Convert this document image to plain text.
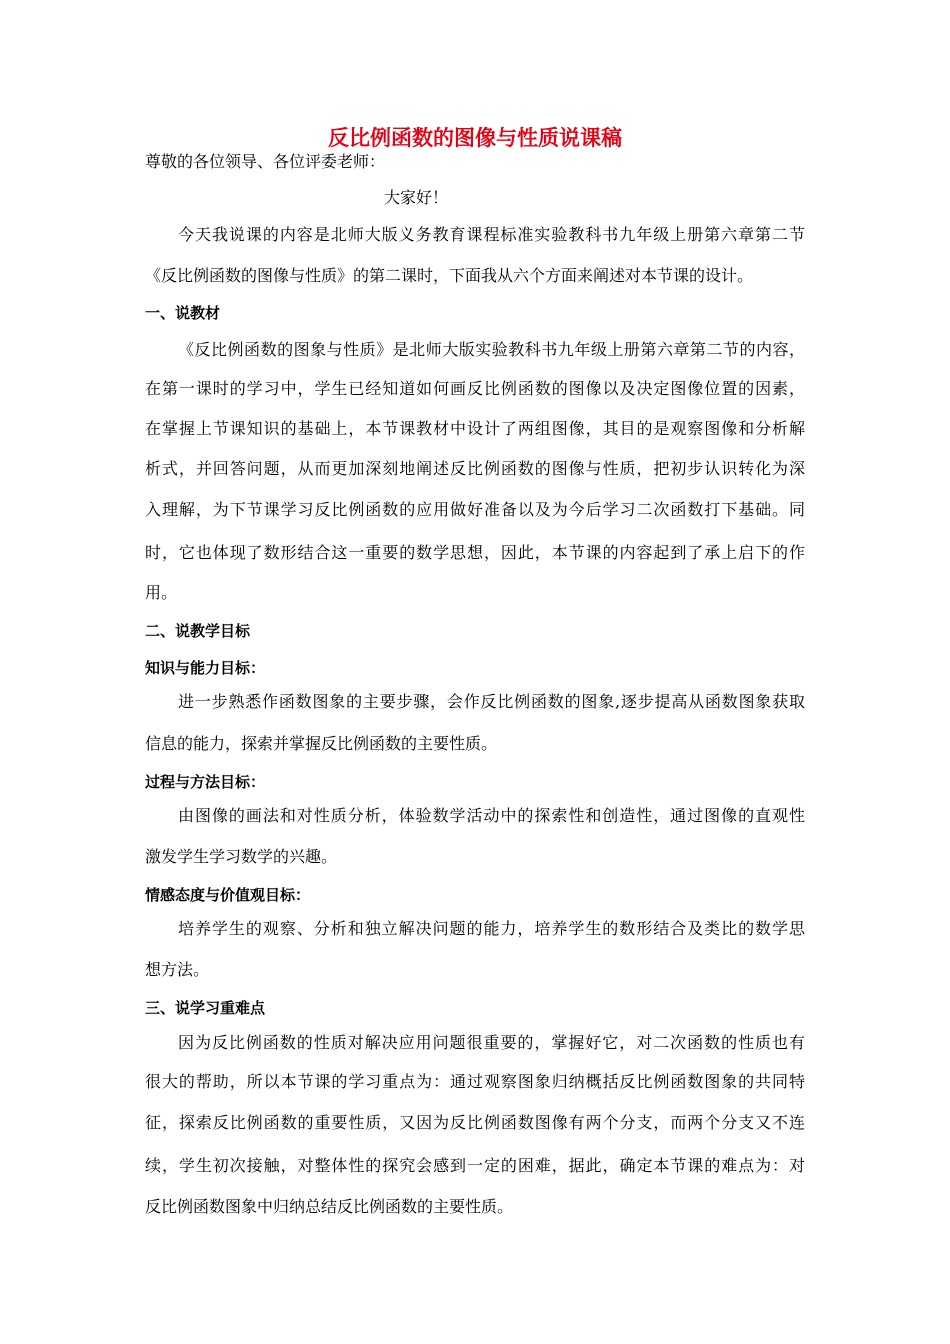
反比例函数的图像与性质说课稿
尊敬的各位领导、各位评委老师：
大家好！
今天我说课的内容是北师大版义务教育课程标准实验教科书九年级上册第六章第二节
《反比例函数的图像与性质》的第二课时，下面我从六个方面来阐述对本节课的设计。
一、说教材
《反比例函数的图象与性质》是北师大版实验教科书九年级上册第六章第二节的内容，
在第一课时的学习中，学生已经知道如何画反比例函数的图像以及决定图像位置的因素，
在掌握上节课知识的基础上，本节课教材中设计了两组图像，其目的是观察图像和分析解
析式，并回答问题，从而更加深刻地阐述反比例函数的图像与性质，把初步认识转化为深
入理解，为下节课学习反比例函数的应用做好准备以及为今后学习二次函数打下基础。同
时，它也体现了数形结合这一重要的数学思想，因此，本节课的内容起到了承上启下的作
用。
二、说教学目标
知识与能力目标：
进一步熟悉作函数图象的主要步骤，会作反比例函数的图象,逐步提高从函数图象获取
信息的能力，探索并掌握反比例函数的主要性质。
过程与方法目标：
由图像的画法和对性质分析，体验数学活动中的探索性和创造性，通过图像的直观性
激发学生学习数学的兴趣。
情感态度与价值观目标：
培养学生的观察、分析和独立解决问题的能力，培养学生的数形结合及类比的数学思
想方法。
三、说学习重难点
因为反比例函数的性质对解决应用问题很重要的，掌握好它，对二次函数的性质也有
很大的帮助，所以本节课的学习重点为：通过观察图象归纳概括反比例函数图象的共同特
征，探索反比例函数的重要性质，又因为反比例函数图像有两个分支，而两个分支又不连
续，学生初次接触，对整体性的探究会感到一定的困难，据此，确定本节课的难点为：对
反比例函数图象中归纳总结反比例函数的主要性质。
